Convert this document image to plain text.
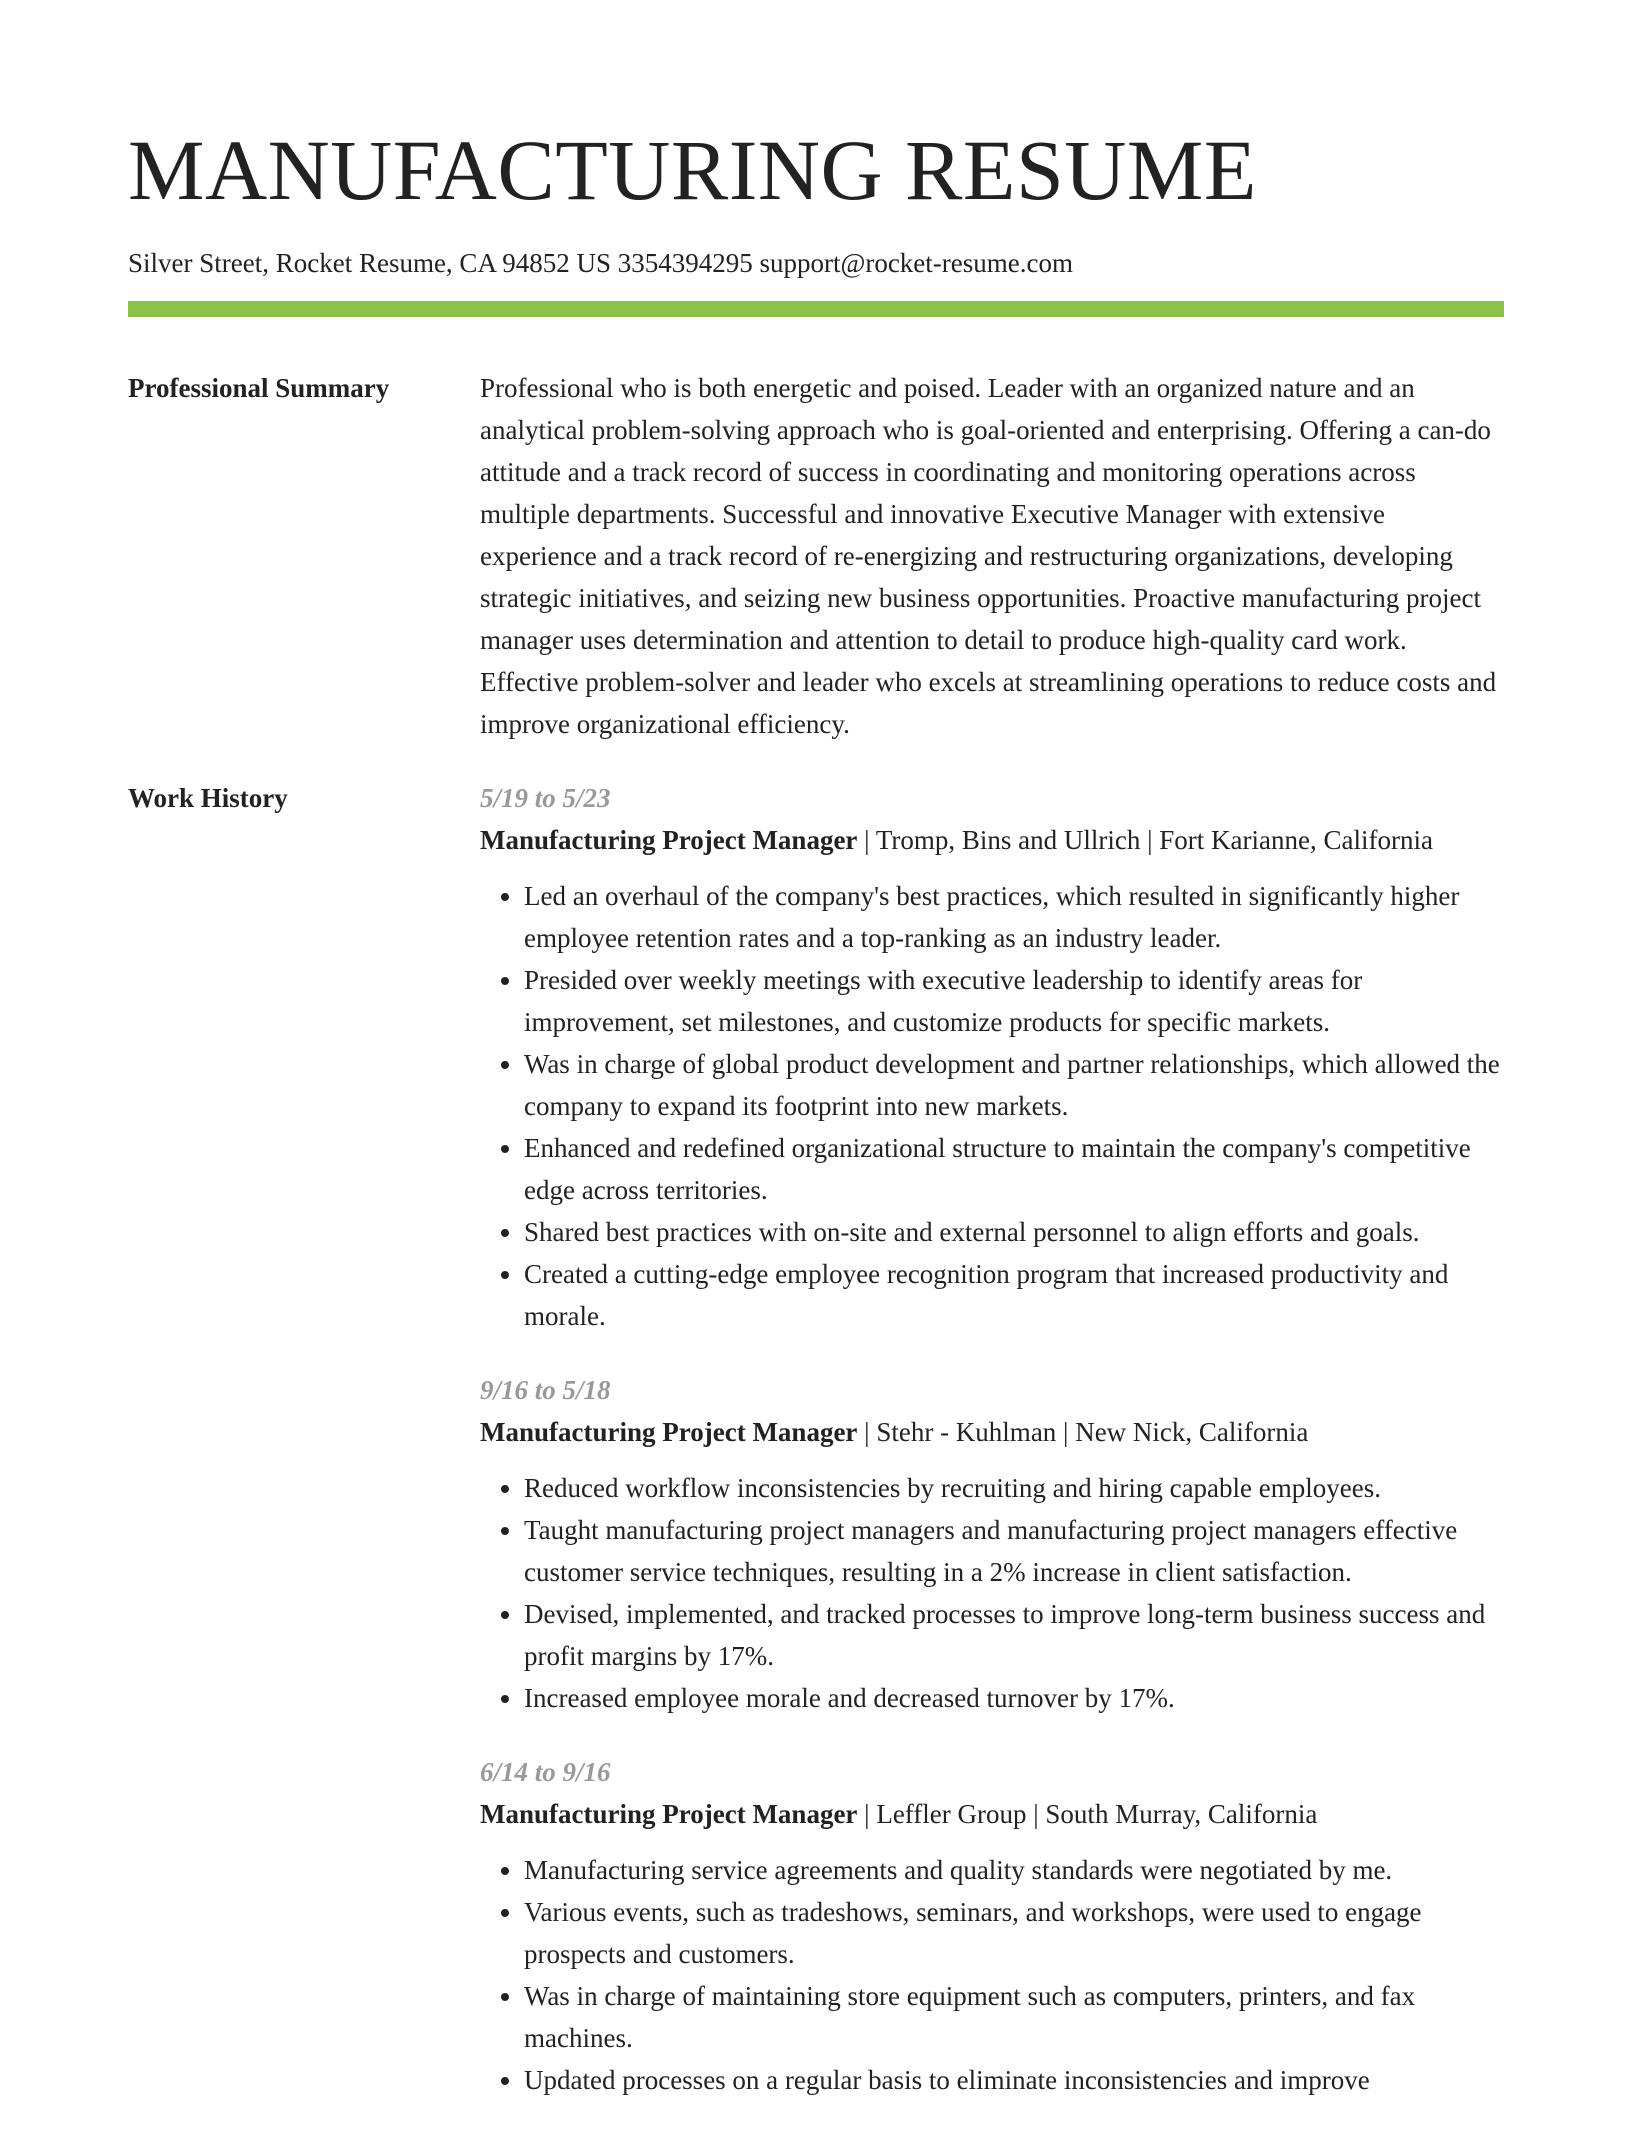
MANUFACTURING RESUME
Silver Street, Rocket Resume, CA 94852 US 3354394295 support@rocket-resume.com
Professional Summary	Professional who is both energetic and poised. Leader with an organized nature and an analytical problem-solving approach who is goal-oriented and enterprising. Offering a can-do attitude and a track record of success in coordinating and monitoring operations across multiple departments. Successful and innovative Executive Manager with extensive experience and a track record of re-energizing and restructuring organizations, developing strategic initiatives, and seizing new business opportunities. Proactive manufacturing project manager uses determination and attention to detail to produce high-quality card work. Effective problem-solver and leader who excels at streamlining operations to reduce costs and improve organizational efficiency.

Work History	5/19 to 5/23
Manufacturing Project Manager | Tromp, Bins and Ullrich | Fort Karianne, California
• Led an overhaul of the company's best practices, which resulted in significantly higher employee retention rates and a top-ranking as an industry leader.
• Presided over weekly meetings with executive leadership to identify areas for improvement, set milestones, and customize products for specific markets.
• Was in charge of global product development and partner relationships, which allowed the company to expand its footprint into new markets.
• Enhanced and redefined organizational structure to maintain the company's competitive edge across territories.
• Shared best practices with on-site and external personnel to align efforts and goals.
• Created a cutting-edge employee recognition program that increased productivity and morale.
9/16 to 5/18
Manufacturing Project Manager | Stehr - Kuhlman | New Nick, California
• Reduced workflow inconsistencies by recruiting and hiring capable employees.
• Taught manufacturing project managers and manufacturing project managers effective customer service techniques, resulting in a 2% increase in client satisfaction.
• Devised, implemented, and tracked processes to improve long-term business success and profit margins by 17%.
• Increased employee morale and decreased turnover by 17%.
6/14 to 9/16
Manufacturing Project Manager | Leffler Group | South Murray, California
• Manufacturing service agreements and quality standards were negotiated by me.
• Various events, such as tradeshows, seminars, and workshops, were used to engage prospects and customers.
• Was in charge of maintaining store equipment such as computers, printers, and fax machines.
• Updated processes on a regular basis to eliminate inconsistencies and improve
